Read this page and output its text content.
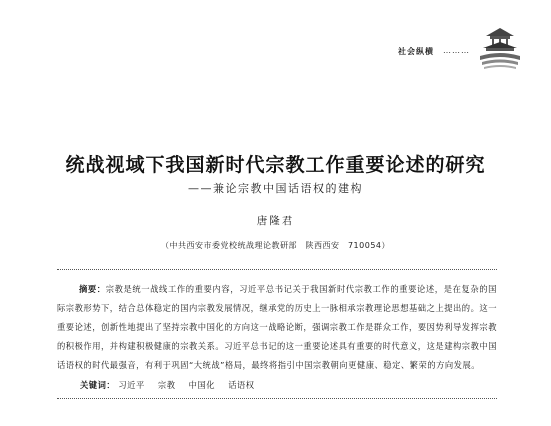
社会纵横 ………
统战视域下我国新时代宗教工作重要论述的研究
——兼论宗教中国话语权的建构
唐隆君
（中共西安市委党校统战理论教研部　陕西西安　710054）
摘要：宗教是统一战线工作的重要内容，习近平总书记关于我国新时代宗教工作的重要论述，是在复杂的国际宗教形势下，结合总体稳定的国内宗教发展情况，继承党的历史上一脉相承宗教理论思想基础之上提出的。这一重要论述，创新性地提出了坚持宗教中国化的方向这一战略论断，强调宗教工作是群众工作，要因势利导发挥宗教的积极作用，并构建积极健康的宗教关系。习近平总书记的这一重要论述具有重要的时代意义，这是建构宗教中国话语权的时代最强音，有利于巩固“大统战”格局，最终将指引中国宗教朝向更健康、稳定、繁荣的方向发展。
关键词： 习近平 宗教 中国化 话语权
